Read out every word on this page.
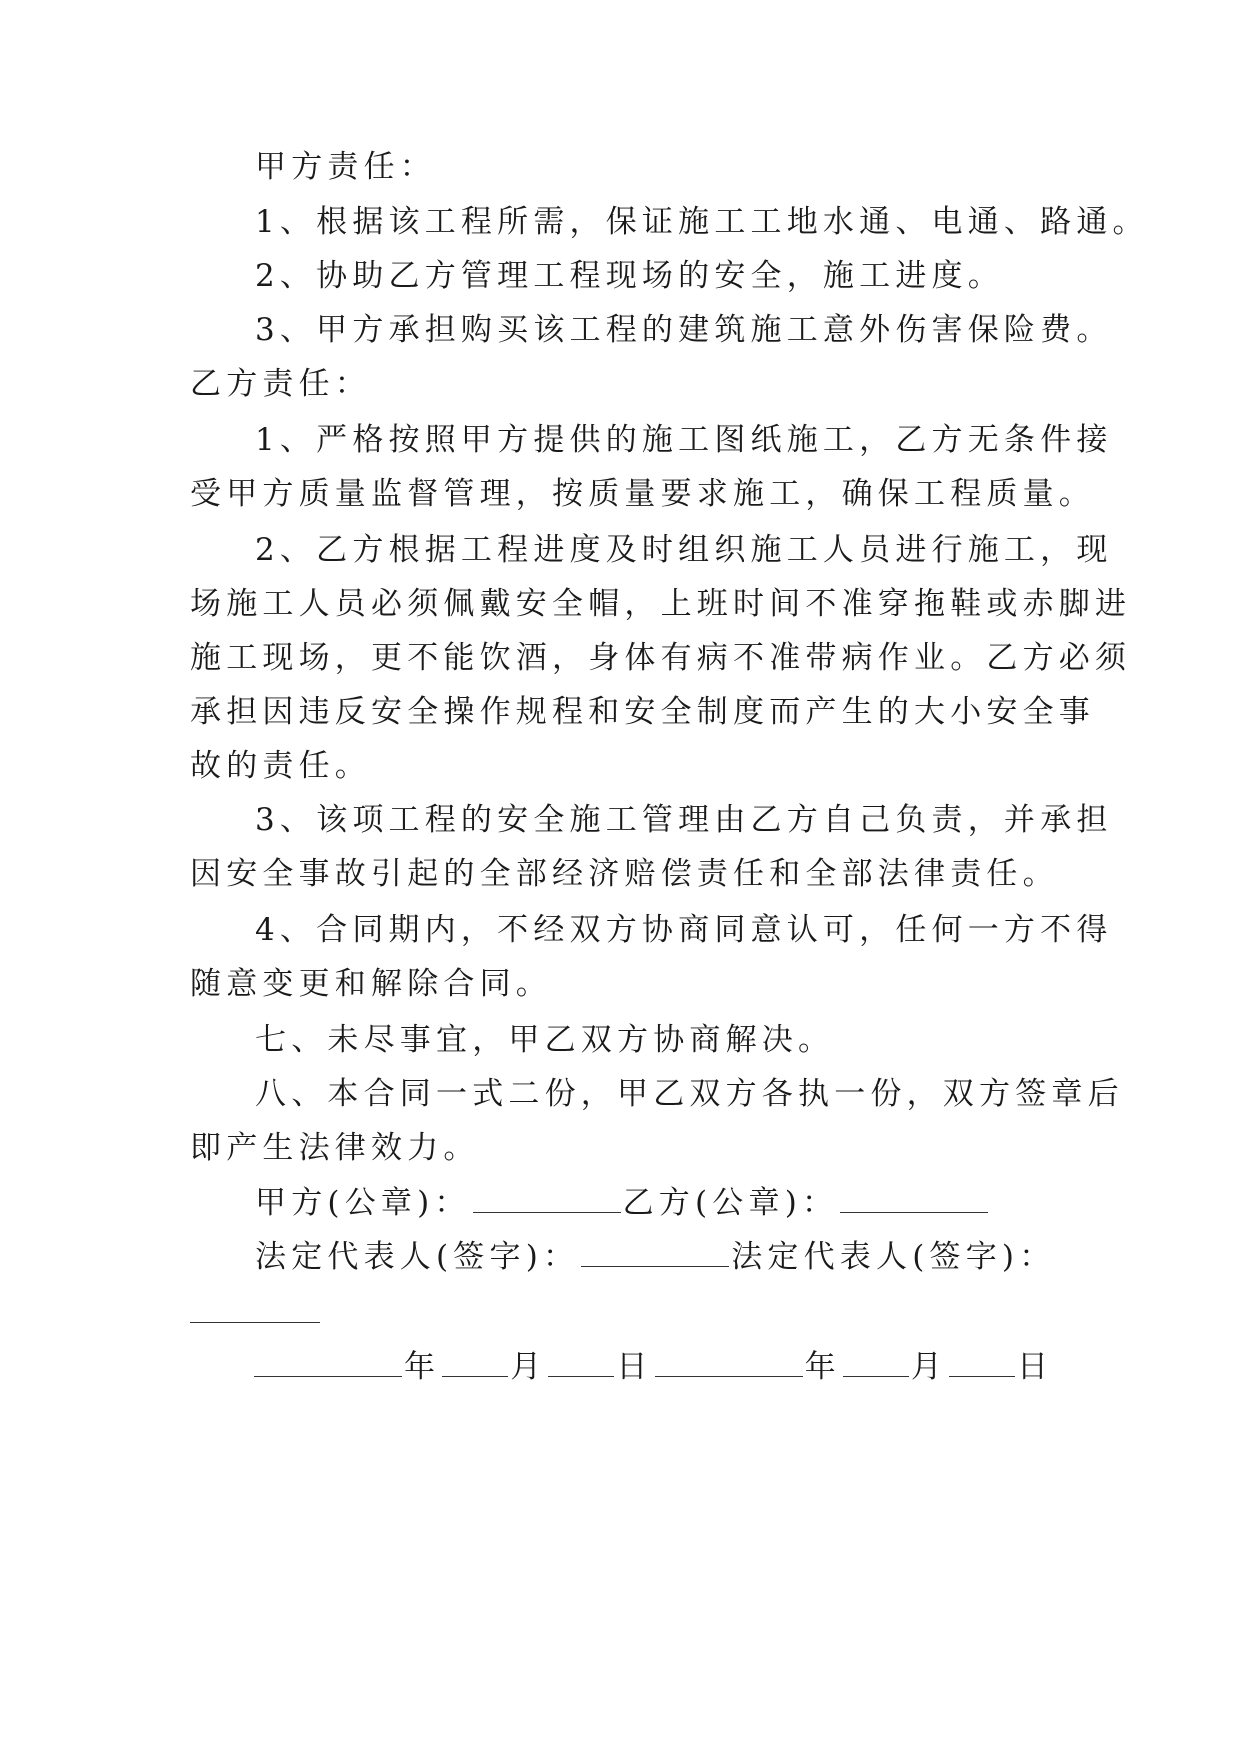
甲方责任：
1、根据该工程所需，保证施工工地水通、电通、路通。
2、协助乙方管理工程现场的安全，施工进度。
3、甲方承担购买该工程的建筑施工意外伤害保险费。
乙方责任：
1、严格按照甲方提供的施工图纸施工，乙方无条件接
受甲方质量监督管理，按质量要求施工，确保工程质量。
2、乙方根据工程进度及时组织施工人员进行施工，现
场施工人员必须佩戴安全帽，上班时间不准穿拖鞋或赤脚进
施工现场，更不能饮酒，身体有病不准带病作业。乙方必须
承担因违反安全操作规程和安全制度而产生的大小安全事
故的责任。
3、该项工程的安全施工管理由乙方自己负责，并承担
因安全事故引起的全部经济赔偿责任和全部法律责任。
4、合同期内，不经双方协商同意认可，任何一方不得
随意变更和解除合同。
七、未尽事宜，甲乙双方协商解决。
八、本合同一式二份，甲乙双方各执一份，双方签章后
即产生法律效力。
甲方(公章)：	乙方(公章)：
法定代表人(签字)：	法定代表人(签字)：
年 月 日	年 月 日
